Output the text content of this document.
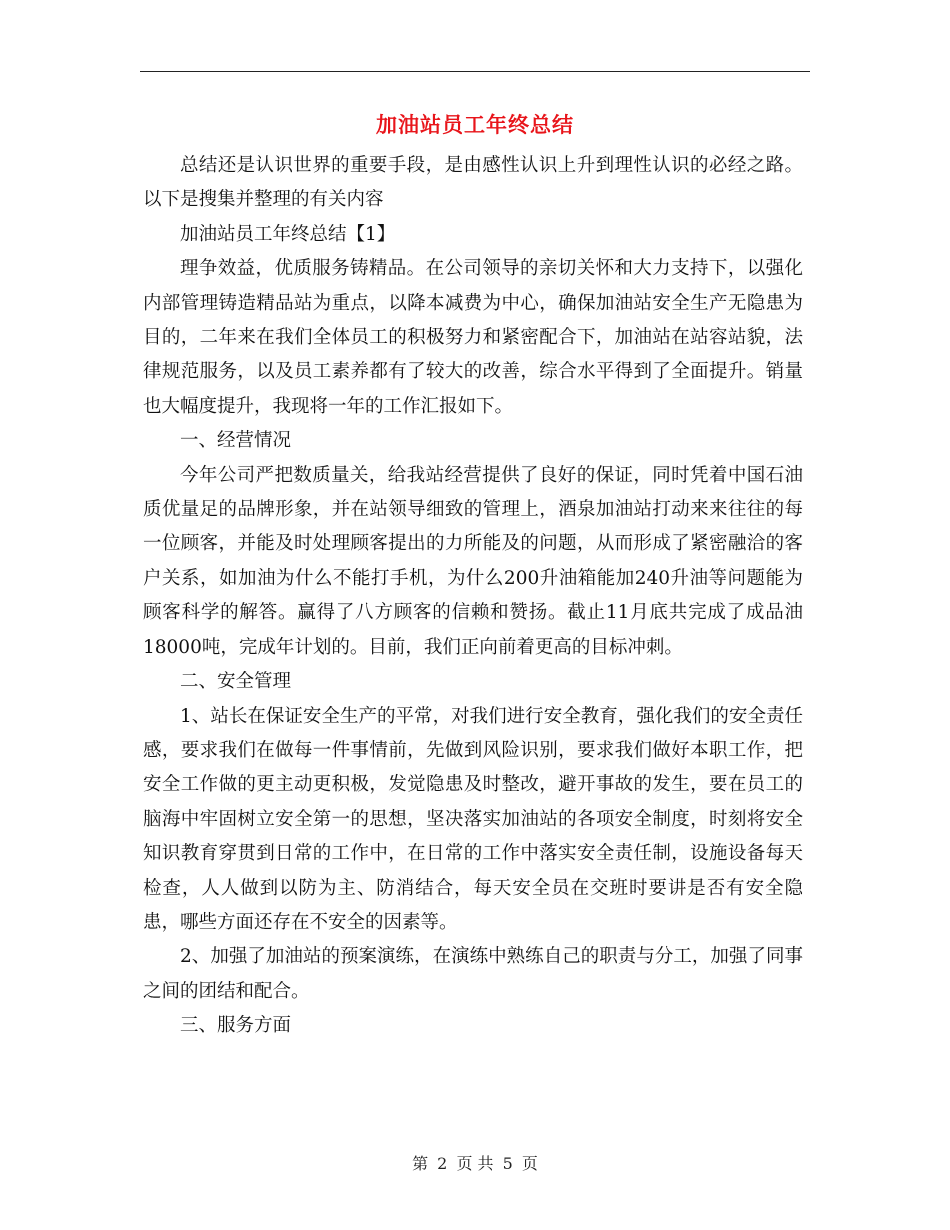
加油站员工年终总结

总结还是认识世界的重要手段，是由感性认识上升到理性认识的必经之路。以下是搜集并整理的有关内容

加油站员工年终总结【1】

理争效益，优质服务铸精品。在公司领导的亲切关怀和大力支持下，以强化内部管理铸造精品站为重点，以降本减费为中心，确保加油站安全生产无隐患为目的，二年来在我们全体员工的积极努力和紧密配合下，加油站在站容站貌，法律规范服务，以及员工素养都有了较大的改善，综合水平得到了全面提升。销量也大幅度提升，我现将一年的工作汇报如下。

一、经营情况

今年公司严把数质量关，给我站经营提供了良好的保证，同时凭着中国石油质优量足的品牌形象，并在站领导细致的管理上，酒泉加油站打动来来往往的每一位顾客，并能及时处理顾客提出的力所能及的问题，从而形成了紧密融洽的客户关系，如加油为什么不能打手机，为什么200升油箱能加240升油等问题能为顾客科学的解答。赢得了八方顾客的信赖和赞扬。截止11月底共完成了成品油18000吨，完成年计划的。目前，我们正向前着更高的目标冲刺。

二、安全管理

1、站长在保证安全生产的平常，对我们进行安全教育，强化我们的安全责任感，要求我们在做每一件事情前，先做到风险识别，要求我们做好本职工作，把安全工作做的更主动更积极，发觉隐患及时整改，避开事故的发生，要在员工的脑海中牢固树立安全第一的思想，坚决落实加油站的各项安全制度，时刻将安全知识教育穿贯到日常的工作中，在日常的工作中落实安全责任制，设施设备每天检查，人人做到以防为主、防消结合，每天安全员在交班时要讲是否有安全隐患，哪些方面还存在不安全的因素等。

2、加强了加油站的预案演练，在演练中熟练自己的职责与分工，加强了同事之间的团结和配合。

三、服务方面

第 2 页 共 5 页
